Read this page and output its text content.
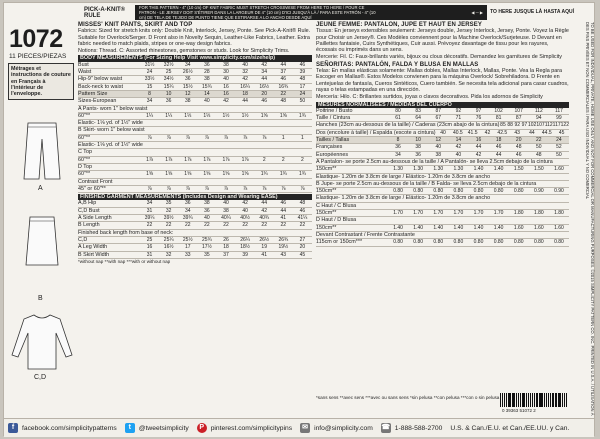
PICK-A-KNIT® RULE
FOR THIS PATTERN - 4" (10 cm) OF KNIT FABRIC MUST STRETCH CROSSWISE FROM HERE TO HERE / POUR CE PATRON - LE JERSEY DOIT S'ÉTIRER DANS LA LARGEUR DE 4" (10 cm) D'ICI JUSQU'À LÀ / PARA ESTE PATRÓN - 4" (10 cm) DE TELA DE TEJIDO DE PUNTO TIENE QUE ESTIRARSE A LO ANCHO DESDE AQUÍ
◀ ─ ▶ TO HERE JUSQUE LÀ HASTA AQUÍ
1072
11 PIECES/PIEZAS
Métrages et instructions de couture en Français à l'intérieur de l'enveloppe.
A
B
C,D
MISSES' KNIT PANTS, SKIRT AND TOP

Fabrics: Sized for stretch knits only: Double Knit, Interlock, Jersey, Ponte. See Pick-A-Knit® Rule. Suitable for Overlock/Serger. D Front also in Novelty Sequin, Leather-Like Fabrics, Leather. Extra fabric needed to match plaids, stripes or one-way design fabrics.

Notions: Thread. C: Assorted rhinestones, gemstones or studs. Look for Simplicity Trims.

BODY MEASUREMENTS (For Sizing Help Visit www.simplicity.com/sizehelp)
Bust	31½	32½	34	36	38	40	42	44	46
Waist	24	25	26½	28	30	32	34	37	39
Hip-9" below waist	33½	34½	36	38	40	42	44	46	48
Back-neck to waist	15	15¼	15½	15¾	16	16¼	16½	16¾	17
Pattern Size	8	10	12	14	16	18	20	22	24
Sizes-European	34	36	38	40	42	44	46	48	50
A Pants- worn 1" below waist
60"**	1¼	1¼	1⅓	1⅓	1½	1½	1⅝	1⅝	1¾
Elastic- 1⅛ yd. of 1½" wide
B Skirt- worn 1" below waist
60"**	⅞	⅞	⅞	⅞	⅞	⅞	⅞	1	1
Elastic- 1⅛ yd. of 1½" wide
C Top
60"**	1⅞	1⅞	1⅞	1⅞	1⅞	1⅞	2	2	2
D Top
60"**	1⅝	1⅝	1⅝	1⅝	1⅝	1⅝	1¾	1¾	1¾
Contrast Front
45" or 60"**	⅞	⅞	⅞	⅞	⅞	⅞	⅞	⅞	⅞
FINISHED GARMENT MEASUREMENTS (Includes Design and Wearing EASE)
A,B Hip	34	35	36	38	40	42	44	46	48
C,D Bust	31	32	34	36	38	40	42	44	46
A Side Length	39¼	39½	39¾	40	40¼	40½	40¾	41	41¼
B Length	22	22	22	22	22	22	22	22	22
Finished back length from base of neck:
C,D	25	25¼	25½	25¾	26	26¼	26½	26¾	27
A Leg Width	16	16½	17	17½	18	18½	19	19½	20
B Skirt Width	31	32	33	35	37	39	41	43	45
*without nap **with nap ***with or without nap
JEUNE FEMME: PANTALON, JUPE ET HAUT EN JERSEY

Tissus: En jerseys extensibles seulement: Jerseys double, Jersey Interlock, Jersey, Ponte. Voyez la Règle pour Choisir un Jersey®. Ces Modèles conviennent pour la Machine Overlock/Surjeteuse. D Devant en Paillettes fantaisie, Cuirs Synthétiques, Cuir aussi. Prévoyez davantage de tissu pour les rayures, écossais ou imprimés dans un sens.

Mercerie: Fil. C: Faux-brillants variés, bijoux ou clous décoratifs. Demandez les garnitures de Simplicity

SEÑORITAS: PANTALÓN, FALDA Y BLUSA EN MALLAS

Telas: En mallas elásticas solamente: Mallas dobles, Mallas Interlock, Mallas, Ponte. Vea la Regla para Escoger en Mallas®. Estos Modelos convienen para la máquina Overlock/ Sobrehiladora. D Frente en Lentejuelas de fantasía, Cueros Sintéticos, Cuero también. Se necesita tela adicional para casar cuadros, rayas o telas estampadas en una dirección.

Mercería: Hilo. C: Brillantes surtidos, joyas o clavos decorativos. Pida los adornos de Simplicity

MESURES NORMALISÉES / MEDIDAS DEL CUERPO
Poitrine / Busto	80	83	87	92	97	102	107	112	117
Taille / Cintura	61	64	67	71	76	81	87	94	99
Hanches (23cm au-dessous de la taille) / Caderas (23cm abajo de la cintura) 85 88 92 97 102 107 112 117 122
Dos (encolure à taille) / Espalda (escote a cintura) 40	40.5	41.5	42	42.5	43	44	44.5	45
Tailles / Tallas	8	10	12	14	16	18	20	22	24
Françaises	36	38	40	42	44	46	48	50	52
Européennes	34	36	38	40	42	44	46	48	50
A Pantalon- se porte 2.5cm au-dessous de la taille / A Pantalón- se lleva 2.5cm debajo de la cintura
150cm**	1.30	1.30	1.30	1.30	1.40	1.40	1.50	1.50	1.60
Elastique- 1.20m de 3.8cm de large / Elástico- 1.20m de 3.8cm de ancho
B Jupe- se porte 2.5cm au-dessous de la taille / B Falda- se lleva 2.5cm debajo de la cintura
150cm**	0.80	0.80	0.80	0.80	0.80	0.80	0.80	0.90	0.90
Elastique- 1.20m de 3.8cm de large / Elástico- 1.20m de 3.8cm de ancho
C Haut / C Blusa
150cm**	1.70	1.70	1.70	1.70	1.70	1.70	1.80	1.80	1.80
D Haut / D Blusa
150cm**	1.40	1.40	1.40	1.40	1.40	1.40	1.60	1.60	1.60
Devant Contrastant / Frente Contrastante
115cm or 150cm***	0.80	0.80	0.80	0.80	0.80	0.80	0.80	0.80	0.80
*sans sens **avec sens ***avec ou sans sens *sin pelusa **con pelusa ***con o sin pelusa	TO BE USED FOR INDIVIDUAL, PRIVATE, HOME USE ONLY AND NOT FOR COMMERCIAL OR MANUFACTURING PURPOSES. ©2015 SIMPLICITY PATTERN CO. INC. PRINTED IN U.S.A. / UTILISATION À DES FINS PRIVÉES ET NON COMMERCIALES / PARA USO INDIVIDUAL Y NO COMERCIAL
0 39363 51072 2
f facebook.com/simplicitypatterns	t @tweetsimplicity	P pinterest.com/simplicitypins	✉ info@simplicity.com	☎ 1-888-588-2700	U.S. & Can./E.U. et Can./EE.UU. y Can.
